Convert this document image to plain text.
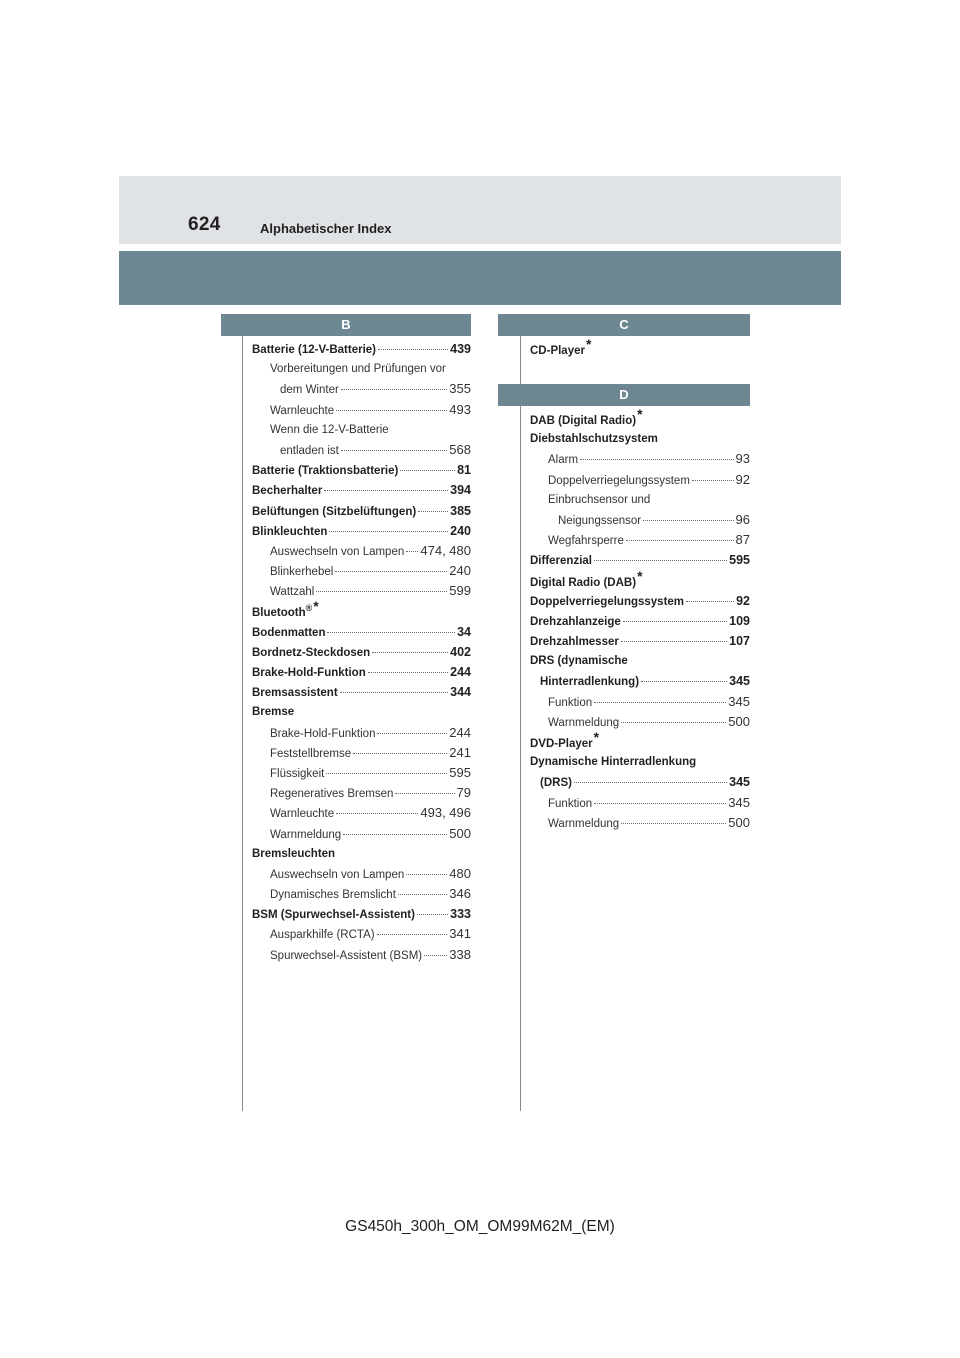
624	Alphabetischer Index
B
Batterie (12-V-Batterie)	439
Vorbereitungen und Prüfungen vor
dem Winter	355
Warnleuchte	493
Wenn die 12-V-Batterie
entladen ist	568
Batterie (Traktionsbatterie)	81
Becherhalter	394
Belüftungen (Sitzbelüftungen)	385
Blinkleuchten	240
Auswechseln von Lampen 474, 480
Blinkerhebel	240
Wattzahl	599
Bluetooth ® *
Bodenmatten	34
Bordnetz-Steckdosen	402
Brake-Hold-Funktion	244
Bremsassistent	344
Bremse
Brake-Hold-Funktion	244
Feststellbremse	241
Flüssigkeit	595
Regeneratives Bremsen	79
Warnleuchte	493, 496
Warnmeldung	500
Bremsleuchten
Auswechseln von Lampen	480
Dynamisches Bremslicht	346
BSM (Spurwechsel-Assistent)	333
Ausparkhilfe (RCTA)	341
Spurwechsel-Assistent (BSM) 338
C
CD-Player *
D
DAB (Digital Radio) *
Diebstahlschutzsystem
Alarm	93
Doppelverriegelungssystem	92
Einbruchsensor und
Neigungssensor	96
Wegfahrsperre	87
Differenzial	595
Digital Radio (DAB) *
Doppelverriegelungssystem	92
Drehzahlanzeige	109
Drehzahlmesser	107
DRS (dynamische
Hinterradlenkung)	345
Funktion	345
Warnmeldung	500
DVD-Player *
Dynamische Hinterradlenkung
(DRS)	345
Funktion	345
Warnmeldung	500
GS450h_300h_OM_OM99M62M_(EM)
